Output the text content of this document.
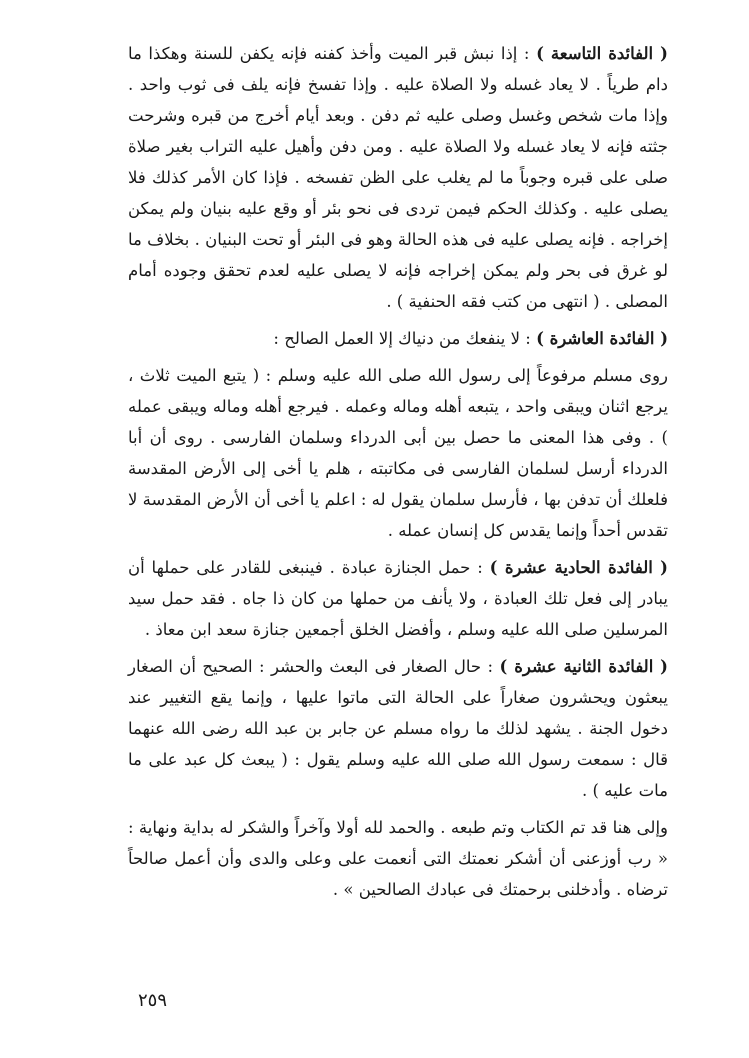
( الفائدة التاسعة ) : إذا نبش قبر الميت وأخذ كفنه فإنه يكفن للسنة وهكذا ما دام طرياً . لا يعاد غسله ولا الصلاة عليه . وإذا تفسخ فإنه يلف فى ثوب واحد . وإذا مات شخص وغسل وصلى عليه ثم دفن . وبعد أيام أخرج من قبره وشرحت جثته فإنه لا يعاد غسله ولا الصلاة عليه . ومن دفن وأهيل عليه التراب بغير صلاة صلى على قبره وجوباً ما لم يغلب على الظن تفسخه . فإذا كان الأمر كذلك فلا يصلى عليه . وكذلك الحكم فيمن تردى فى نحو بئر أو وقع عليه بنيان ولم يمكن إخراجه . فإنه يصلى عليه فى هذه الحالة وهو فى البئر أو تحت البنيان . بخلاف ما لو غرق فى بحر ولم يمكن إخراجه فإنه لا يصلى عليه لعدم تحقق وجوده أمام المصلى . ( انتهى من كتب فقه الحنفية ) .

( الفائدة العاشرة ) : لا ينفعك من دنياك إلا العمل الصالح :

روى مسلم مرفوعاً إلى رسول الله صلى الله عليه وسلم : ( يتبع الميت ثلاث ، يرجع اثنان ويبقى واحد ، يتبعه أهله وماله وعمله . فيرجع أهله وماله ويبقى عمله ) . وفى هذا المعنى ما حصل بين أبى الدرداء وسلمان الفارسى . روى أن أبا الدرداء أرسل لسلمان الفارسى فى مكاتبته ، هلم يا أخى إلى الأرض المقدسة فلعلك أن تدفن بها ، فأرسل سلمان يقول له : اعلم يا أخى أن الأرض المقدسة لا تقدس أحداً وإنما يقدس كل إنسان عمله .

( الفائدة الحادية عشرة ) : حمل الجنازة عبادة . فينبغى للقادر على حملها أن يبادر إلى فعل تلك العبادة ، ولا يأنف من حملها من كان ذا جاه . فقد حمل سيد المرسلين صلى الله عليه وسلم ، وأفضل الخلق أجمعين جنازة سعد ابن معاذ .

( الفائدة الثانية عشرة ) : حال الصغار فى البعث والحشر : الصحيح أن الصغار يبعثون ويحشرون صغاراً على الحالة التى ماتوا عليها ، وإنما يقع التغيير عند دخول الجنة . يشهد لذلك ما رواه مسلم عن جابر بن عبد الله رضى الله عنهما قال : سمعت رسول الله صلى الله عليه وسلم يقول : ( يبعث كل عبد على ما مات عليه ) .

وإلى هنا قد تم الكتاب وتم طبعه . والحمد لله أولا وآخراً والشكر له بداية ونهاية : « رب أوزعنى أن أشكر نعمتك التى أنعمت على وعلى والدى وأن أعمل صالحاً ترضاه . وأدخلنى برحمتك فى عبادك الصالحين » .

٢٥٩
